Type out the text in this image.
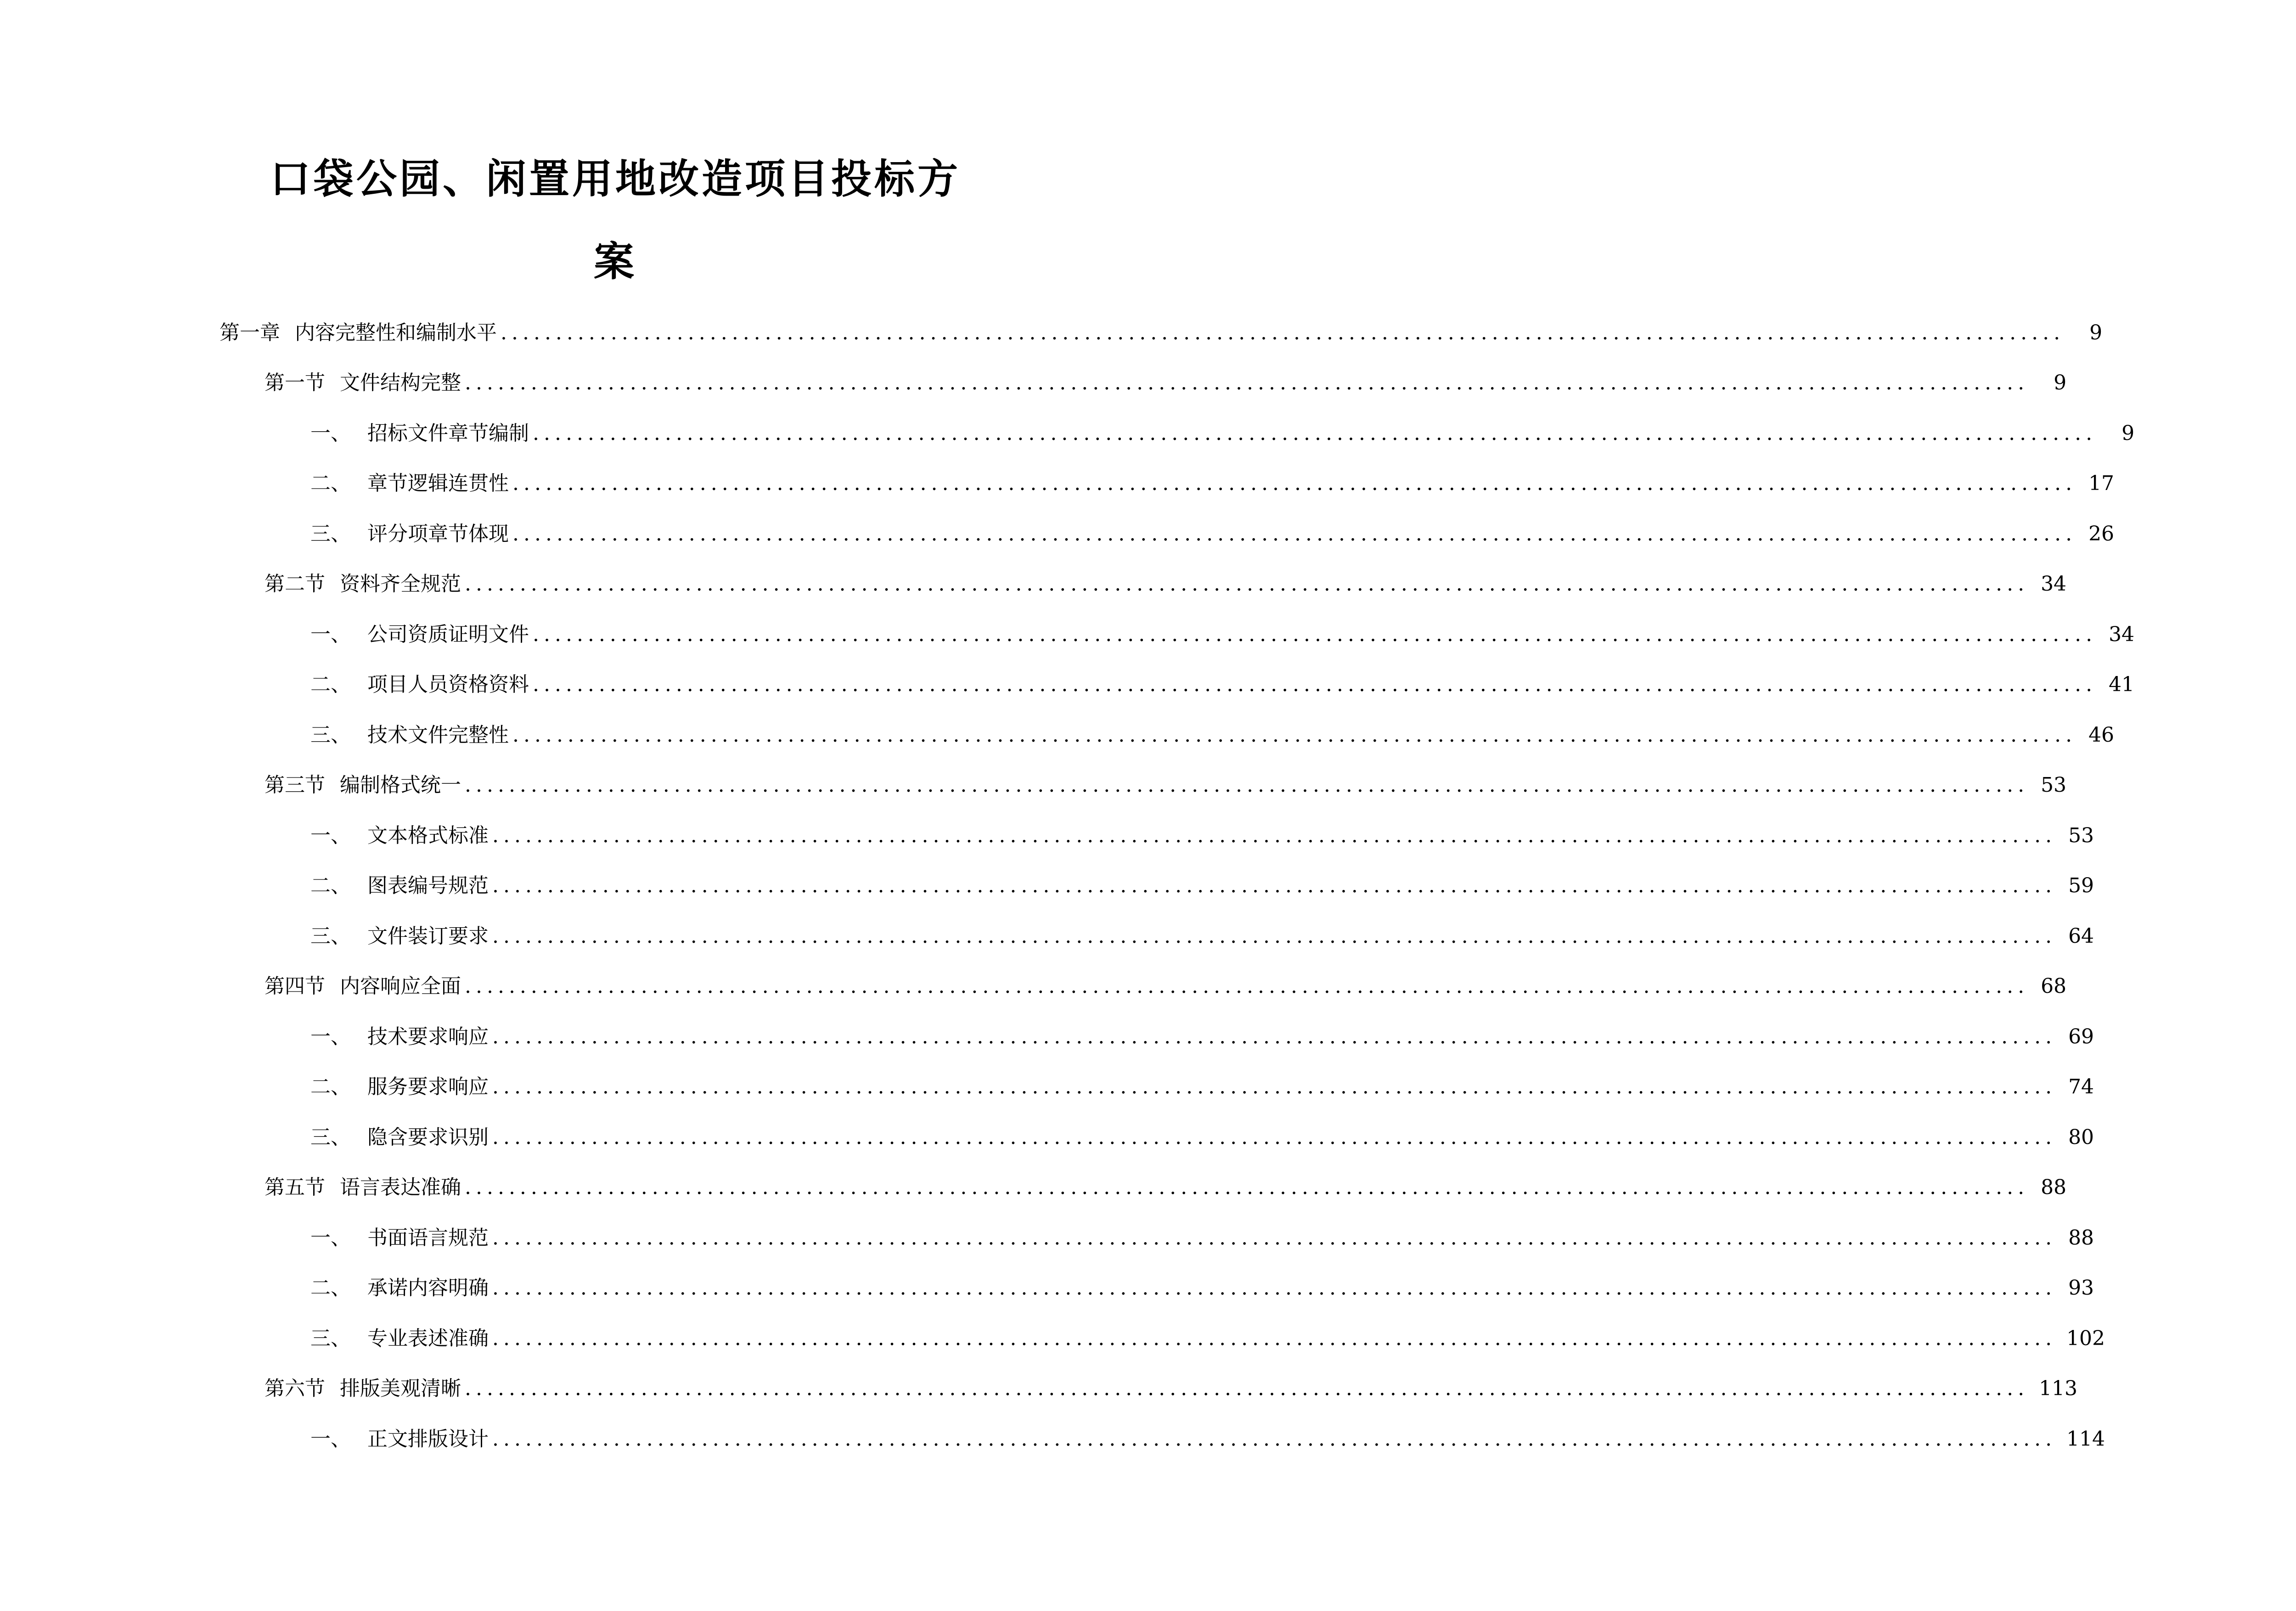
口袋公园、闲置用地改造项目投标方案
第一章 内容完整性和编制水平 ..............................................................................................................................................	9
第一节 文件结构完整 ..............................................................................................................................................	9
一、 招标文件章节编制 ..............................................................................................................................................	9
二、 章节逻辑连贯性 .............................................................................................................................................. 17
三、 评分项章节体现 .............................................................................................................................................. 26
第二节 资料齐全规范 .............................................................................................................................................. 34
一、 公司资质证明文件 .............................................................................................................................................. 34
二、 项目人员资格资料 .............................................................................................................................................. 41
三、 技术文件完整性 .............................................................................................................................................. 46
第三节 编制格式统一 .............................................................................................................................................. 53
一、 文本格式标准 .............................................................................................................................................. 53
二、 图表编号规范 .............................................................................................................................................. 59
三、 文件装订要求 .............................................................................................................................................. 64
第四节 内容响应全面 .............................................................................................................................................. 68
一、 技术要求响应 .............................................................................................................................................. 69
二、 服务要求响应 .............................................................................................................................................. 74
三、 隐含要求识别 .............................................................................................................................................. 80
第五节 语言表达准确 .............................................................................................................................................. 88
一、 书面语言规范 .............................................................................................................................................. 88
二、 承诺内容明确 .............................................................................................................................................. 93
三、 专业表述准确 .............................................................................................................................................. 102
第六节 排版美观清晰 .............................................................................................................................................. 113
一、 正文排版设计 .............................................................................................................................................. 114
